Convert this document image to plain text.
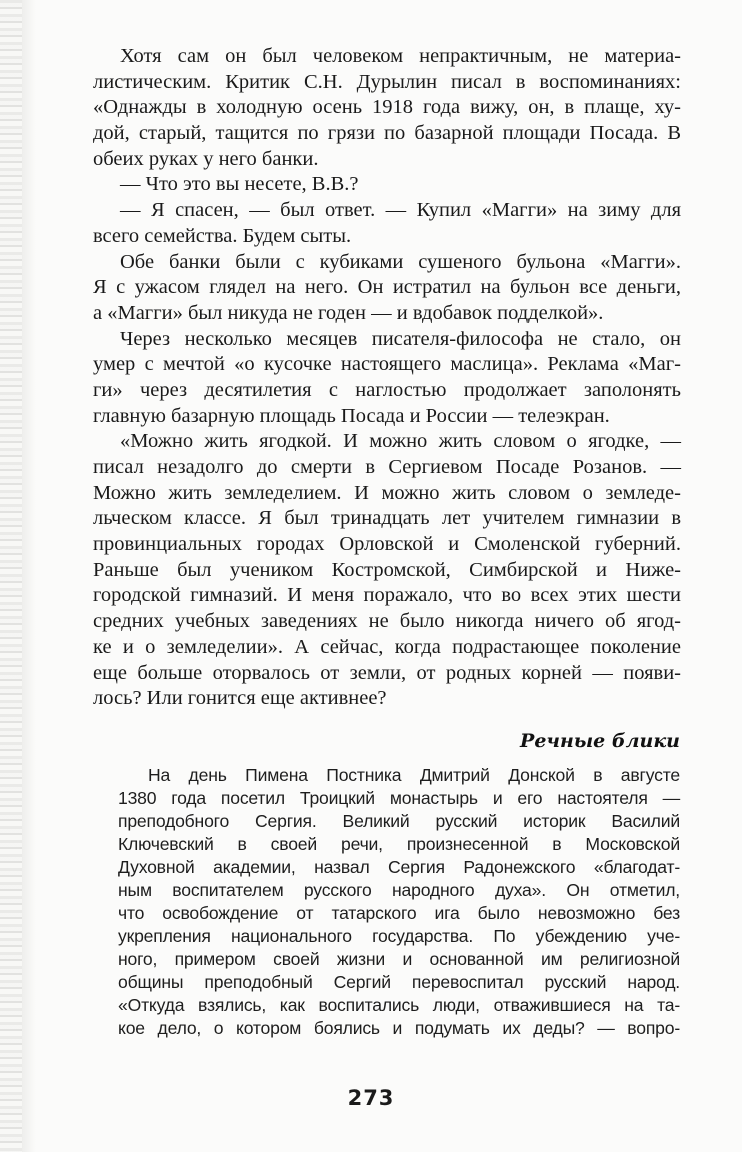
Хотя сам он был человеком непрактичным, не материа-
листическим. Критик С.Н. Дурылин писал в воспоминаниях:
«Однажды в холодную осень 1918 года вижу, он, в плаще, ху-
дой, старый, тащится по грязи по базарной площади Посада. В
обеих руках у него банки.
— Что это вы несете, В.В.?
— Я спасен, — был ответ. — Купил «Магги» на зиму для
всего семейства. Будем сыты.
Обе банки были с кубиками сушеного бульона «Магги».
Я с ужасом глядел на него. Он истратил на бульон все деньги,
а «Магги» был никуда не годен — и вдобавок подделкой».
Через несколько месяцев писателя-философа не стало, он
умер с мечтой «о кусочке настоящего маслица». Реклама «Маг-
ги» через десятилетия с наглостью продолжает заполонять
главную базарную площадь Посада и России — телеэкран.
«Можно жить ягодкой. И можно жить словом о ягодке, —
писал незадолго до смерти в Сергиевом Посаде Розанов. —
Можно жить земледелием. И можно жить словом о земледе-
льческом классе. Я был тринадцать лет учителем гимназии в
провинциальных городах Орловской и Смоленской губерний.
Раньше был учеником Костромской, Симбирской и Ниже-
городской гимназий. И меня поражало, что во всех этих шести
средних учебных заведениях не было никогда ничего об ягод-
ке и о земледелии». А сейчас, когда подрастающее поколение
еще больше оторвалось от земли, от родных корней — появи-
лось? Или гонится еще активнее?
Речные блики
На день Пимена Постника Дмитрий Донской в августе
1380 года посетил Троицкий монастырь и его настоятеля —
преподобного Сергия. Великий русский историк Василий
Ключевский в своей речи, произнесенной в Московской
Духовной академии, назвал Сергия Радонежского «благодат-
ным воспитателем русского народного духа». Он отметил,
что освобождение от татарского ига было невозможно без
укрепления национального государства. По убеждению уче-
ного, примером своей жизни и основанной им религиозной
общины преподобный Сергий перевоспитал русский народ.
«Откуда взялись, как воспитались люди, отважившиеся на та-
кое дело, о котором боялись и подумать их деды? — вопро-
273
